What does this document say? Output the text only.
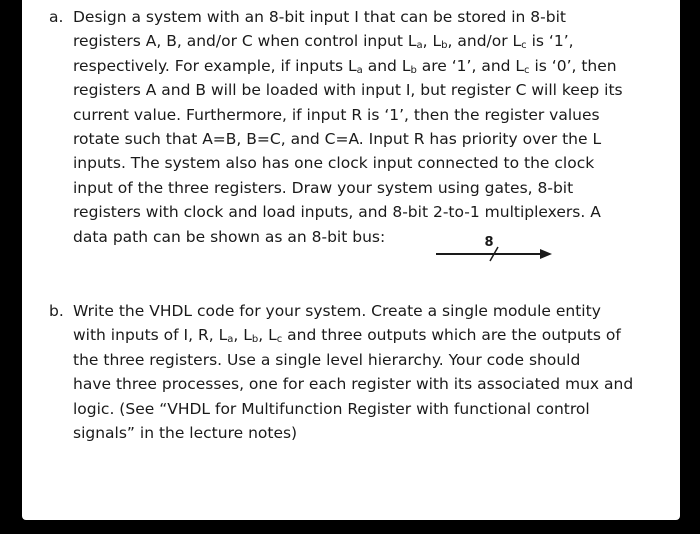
a. Design a system with an 8-bit input I that can be stored in 8-bit
registers A, B, and/or C when control input $L_a$, $L_b$, and/or $L_c$ is ‘1’,
respectively. For example, if inputs $L_a$ and $L_b$ are ‘1’, and $L_c$ is ‘0’, then
registers A and B will be loaded with input I, but register C will keep its
current value. Furthermore, if input R is ‘1’, then the register values
rotate such that A=B, B=C, and C=A. Input R has priority over the L
inputs. The system also has one clock input connected to the clock
input of the three registers. Draw your system using gates, 8-bit
registers with clock and load inputs, and 8-bit 2-to-1 multiplexers. A
data path can be shown as an 8-bit bus:	8
b. Write the VHDL code for your system. Create a single module entity
with inputs of I, R, $L_a$, $L_b$, $L_c$ and three outputs which are the outputs of
the three registers. Use a single level hierarchy. Your code should
have three processes, one for each register with its associated mux and
logic. (See “VHDL for Multifunction Register with functional control
signals” in the lecture notes)
